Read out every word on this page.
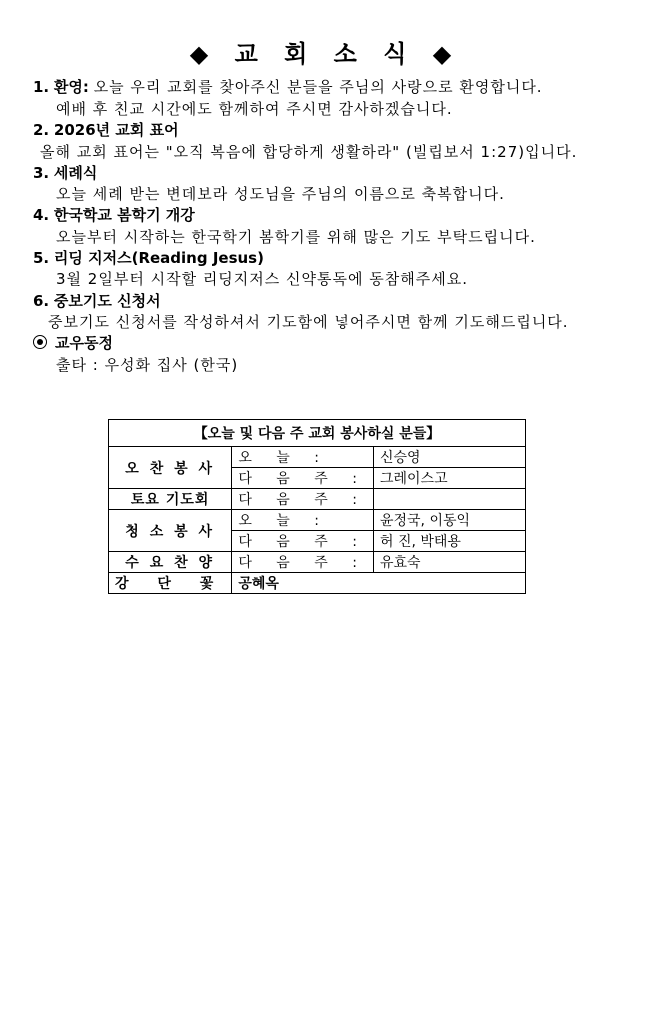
◆ 교 회 소 식 ◆
1. 환영: 오늘 우리 교회를 찾아주신 분들을 주님의 사랑으로 환영합니다.
예배 후 친교 시간에도 함께하여 주시면 감사하겠습니다.
2. 2026년 교회 표어
올해 교회 표어는 "오직 복음에 합당하게 생활하라" (빌립보서 1:27)입니다.
3. 세례식
오늘 세례 받는 변데보라 성도님을 주님의 이름으로 축복합니다.
4. 한국학교 봄학기 개강
오늘부터 시작하는 한국학기 봄학기를 위해 많은 기도 부탁드립니다.
5. 리딩 지저스(Reading Jesus)
3월 2일부터 시작할 리딩지저스 신약통독에 동참해주세요.
6. 중보기도 신청서
중보기도 신청서를 작성하셔서 기도함에 넣어주시면 함께 기도해드립니다.
교우동정
출타 : 우성화 집사 (한국)
【오늘 및 다음 주 교회 봉사하실 분들】		
오 찬 봉 사	오 늘 :	신승영
	다 음 주 :	그레이스고
토요 기도회	다 음 주 :	
청 소 봉 사	오 늘 :	윤정국, 이동익
	다 음 주 :	허 진, 박태용
수 요 찬 양	다 음 주 :	유효숙
강 단 꽃	공혜옥	
